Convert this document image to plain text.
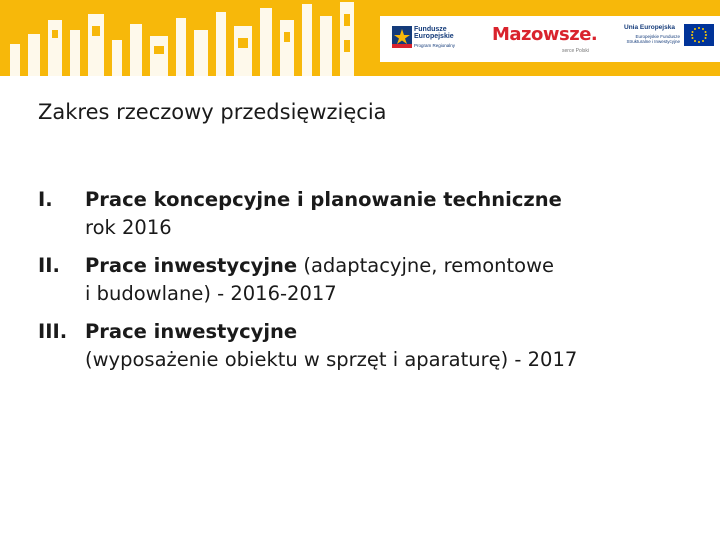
Fundusze
Europejskie
Program Regionalny
Mazowsze.
serce Polski
Unia Europejska
Europejskie Fundusze Strukturalne i Inwestycyjne
Zakres rzeczowy przedsięwzięcia
I. Prace koncepcyjne i planowanie techniczne
rok 2016
II. Prace inwestycyjne (adaptacyjne, remontowe
i budowlane) - 2016-2017
III. Prace inwestycyjne
(wyposażenie obiektu w sprzęt i aparaturę) - 2017
